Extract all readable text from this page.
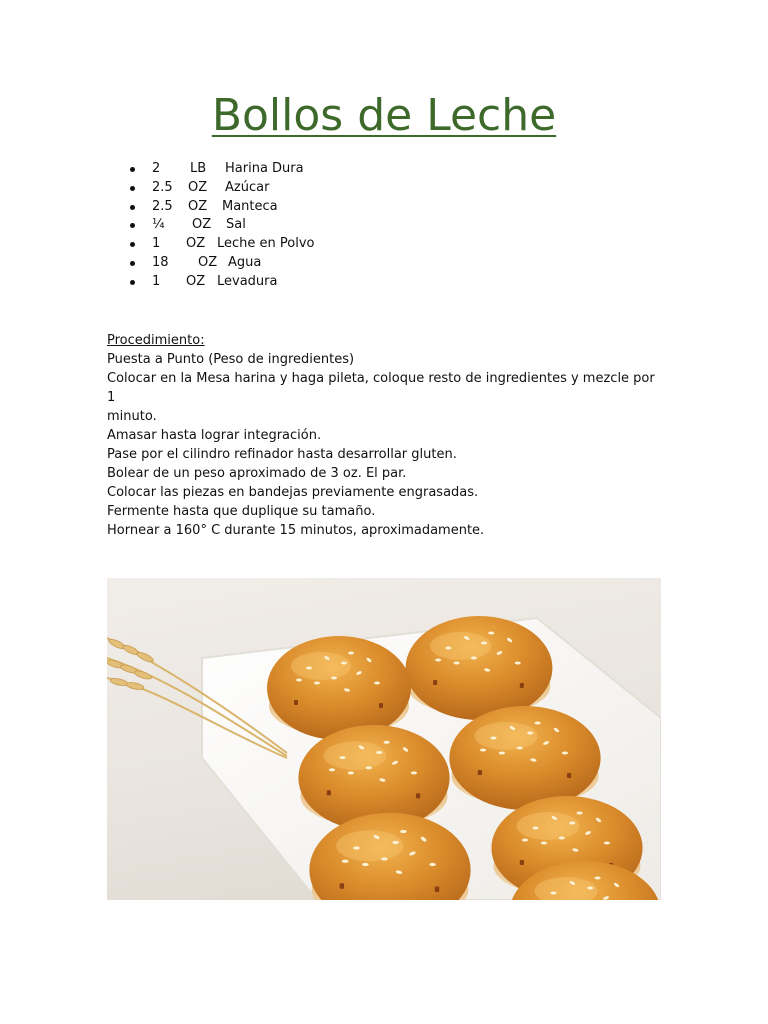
Bollos de Leche
2 LB Harina Dura
2.5 OZ Azúcar
2.5 OZ Manteca
¼ OZ Sal
1 OZ Leche en Polvo
18 OZ Agua
1 OZ Levadura
Procedimiento:
Puesta a Punto (Peso de ingredientes)
Colocar en la Mesa harina y haga pileta, coloque resto de ingredientes y mezcle por 1
minuto.
Amasar hasta lograr integración.
Pase por el cilindro refinador hasta desarrollar gluten.
Bolear de un peso aproximado de 3 oz. El par.
Colocar las piezas en bandejas previamente engrasadas.
Fermente hasta que duplique su tamaño.
Hornear a 160° C durante 15 minutos, aproximadamente.
